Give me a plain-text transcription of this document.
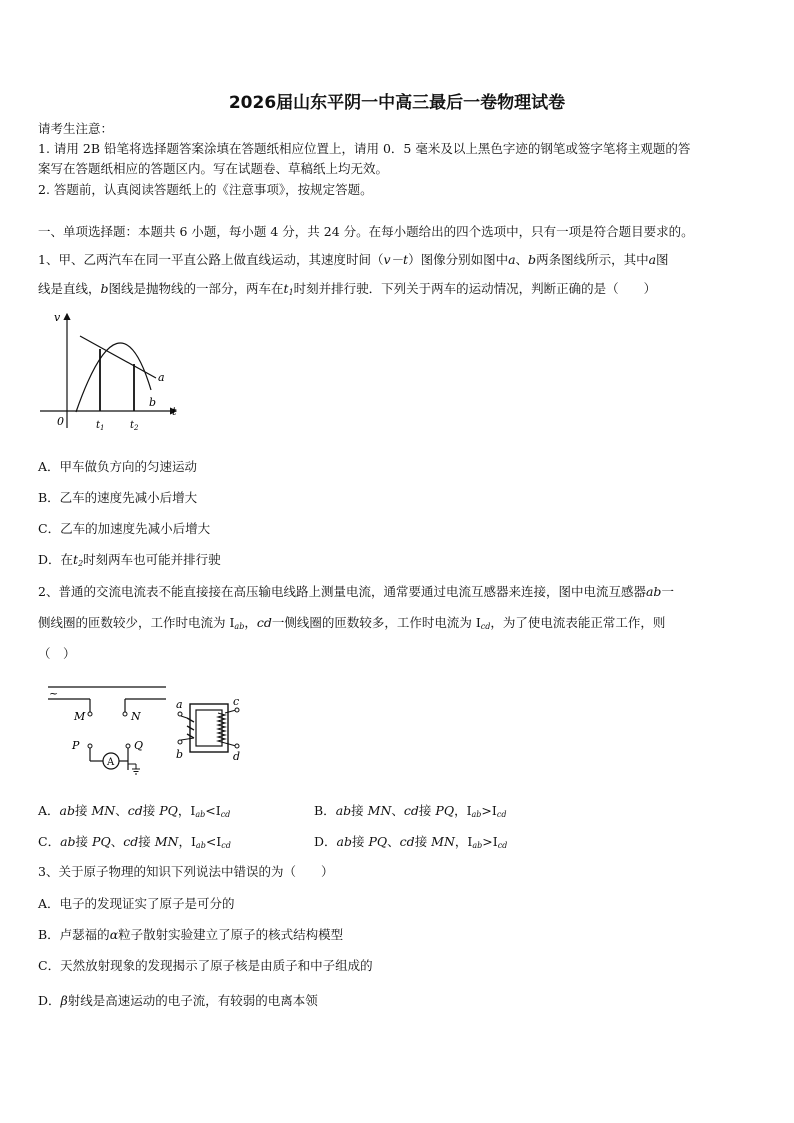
2026届山东平阴一中高三最后一卷物理试卷
请考生注意：
1. 请用 2B 铅笔将选择题答案涂填在答题纸相应位置上，请用 0．5 毫米及以上黑色字迹的钢笔或签字笔将主观题的答
案写在答题纸相应的答题区内。写在试题卷、草稿纸上均无效。
2. 答题前，认真阅读答题纸上的《注意事项》，按规定答题。
一、单项选择题：本题共 6 小题，每小题 4 分，共 24 分。在每小题给出的四个选项中，只有一项是符合题目要求的。
1、甲、乙两汽车在同一平直公路上做直线运动，其速度时间（v－t）图像分别如图中a、b两条图线所示，其中a图
线是直线，b图线是抛物线的一部分，两车在$t_1$时刻并排行驶．下列关于两车的运动情况，判断正确的是（　　）
v
t
0
a
b
$t_1$	$t_2$
A．甲车做负方向的匀速运动
B．乙车的速度先减小后增大
C．乙车的加速度先减小后增大
D．在$t_2$时刻两车也可能并排行驶
2、普通的交流电流表不能直接接在高压输电线路上测量电流，通常要通过电流互感器来连接，图中电流互感器ab一
侧线圈的匝数较少，工作时电流为 $I_{ab}$，cd一侧线圈的匝数较多，工作时电流为 $I_{cd}$，为了使电流表能正常工作，则
（　）
~
M	N
P	Q
A
a
b
c
d
A．ab接 MN、cd接 PQ，$I_{ab}<I_{cd}$	B．ab接 MN、cd接 PQ，$I_{ab}>I_{cd}$
C．ab接 PQ、cd接 MN，$I_{ab}<I_{cd}$	D．ab接 PQ、cd接 MN，$I_{ab}>I_{cd}$
3、关于原子物理的知识下列说法中错误的为（　　）
A．电子的发现证实了原子是可分的
B．卢瑟福的α粒子散射实验建立了原子的核式结构模型
C．天然放射现象的发现揭示了原子核是由质子和中子组成的
D．β射线是高速运动的电子流，有较弱的电离本领
